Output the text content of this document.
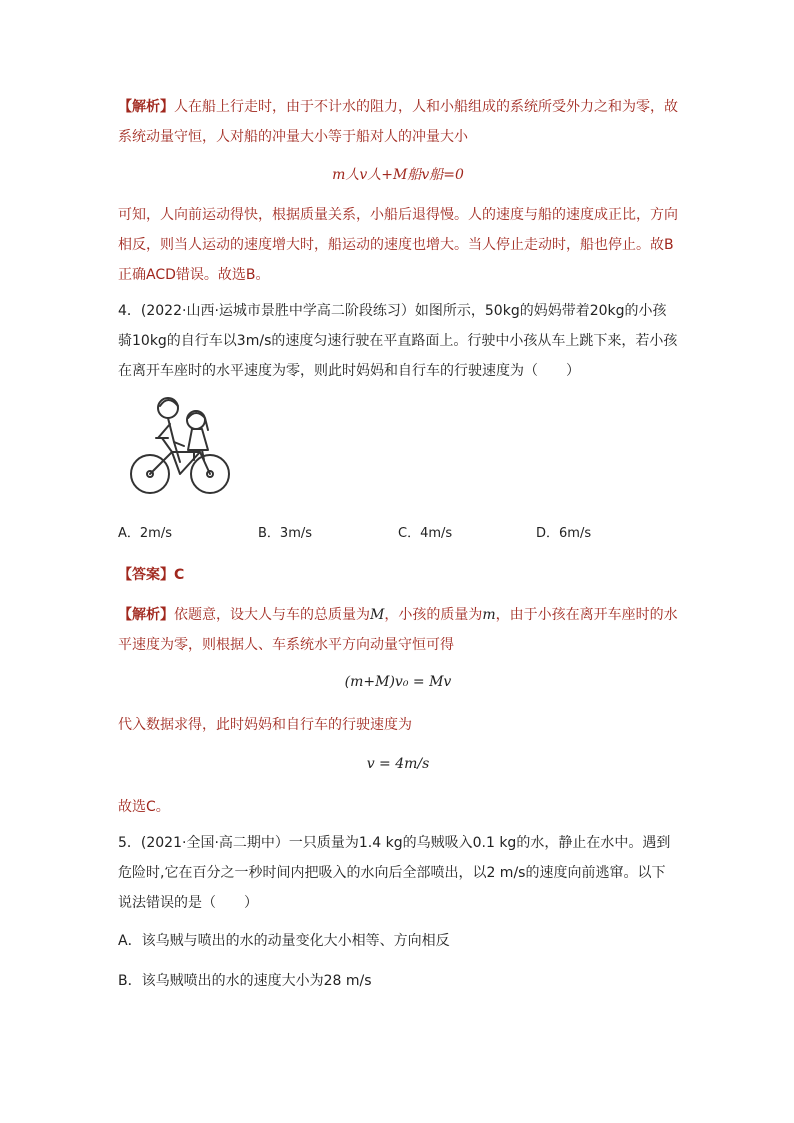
【解析】人在船上行走时，由于不计水的阻力，人和小船组成的系统所受外力之和为零，故系统动量守恒，人对船的冲量大小等于船对人的冲量大小
m人v人+M船v船=0
可知，人向前运动得快，根据质量关系，小船后退得慢。人的速度与船的速度成正比，方向相反，则当人运动的速度增大时，船运动的速度也增大。当人停止走动时，船也停止。故B正确ACD错误。故选B。
4．(2022·山西·运城市景胜中学高二阶段练习）如图所示，50kg的妈妈带着20kg的小孩骑10kg的自行车以3m/s的速度匀速行驶在平直路面上。行驶中小孩从车上跳下来，若小孩在离开车座时的水平速度为零，则此时妈妈和自行车的行驶速度为（　　）
A．2m/s	B．3m/s	C．4m/s	D．6m/s
【答案】C
【解析】依题意，设大人与车的总质量为M，小孩的质量为m，由于小孩在离开车座时的水平速度为零，则根据人、车系统水平方向动量守恒可得
(m+M)v₀ = Mv
代入数据求得，此时妈妈和自行车的行驶速度为
v = 4m/s
故选C。
5．(2021·全国·高二期中）一只质量为1.4 kg的乌贼吸入0.1 kg的水，静止在水中。遇到危险时,它在百分之一秒时间内把吸入的水向后全部喷出，以2 m/s的速度向前逃窜。以下说法错误的是（　　）
A．该乌贼与喷出的水的动量变化大小相等、方向相反
B．该乌贼喷出的水的速度大小为28 m/s
